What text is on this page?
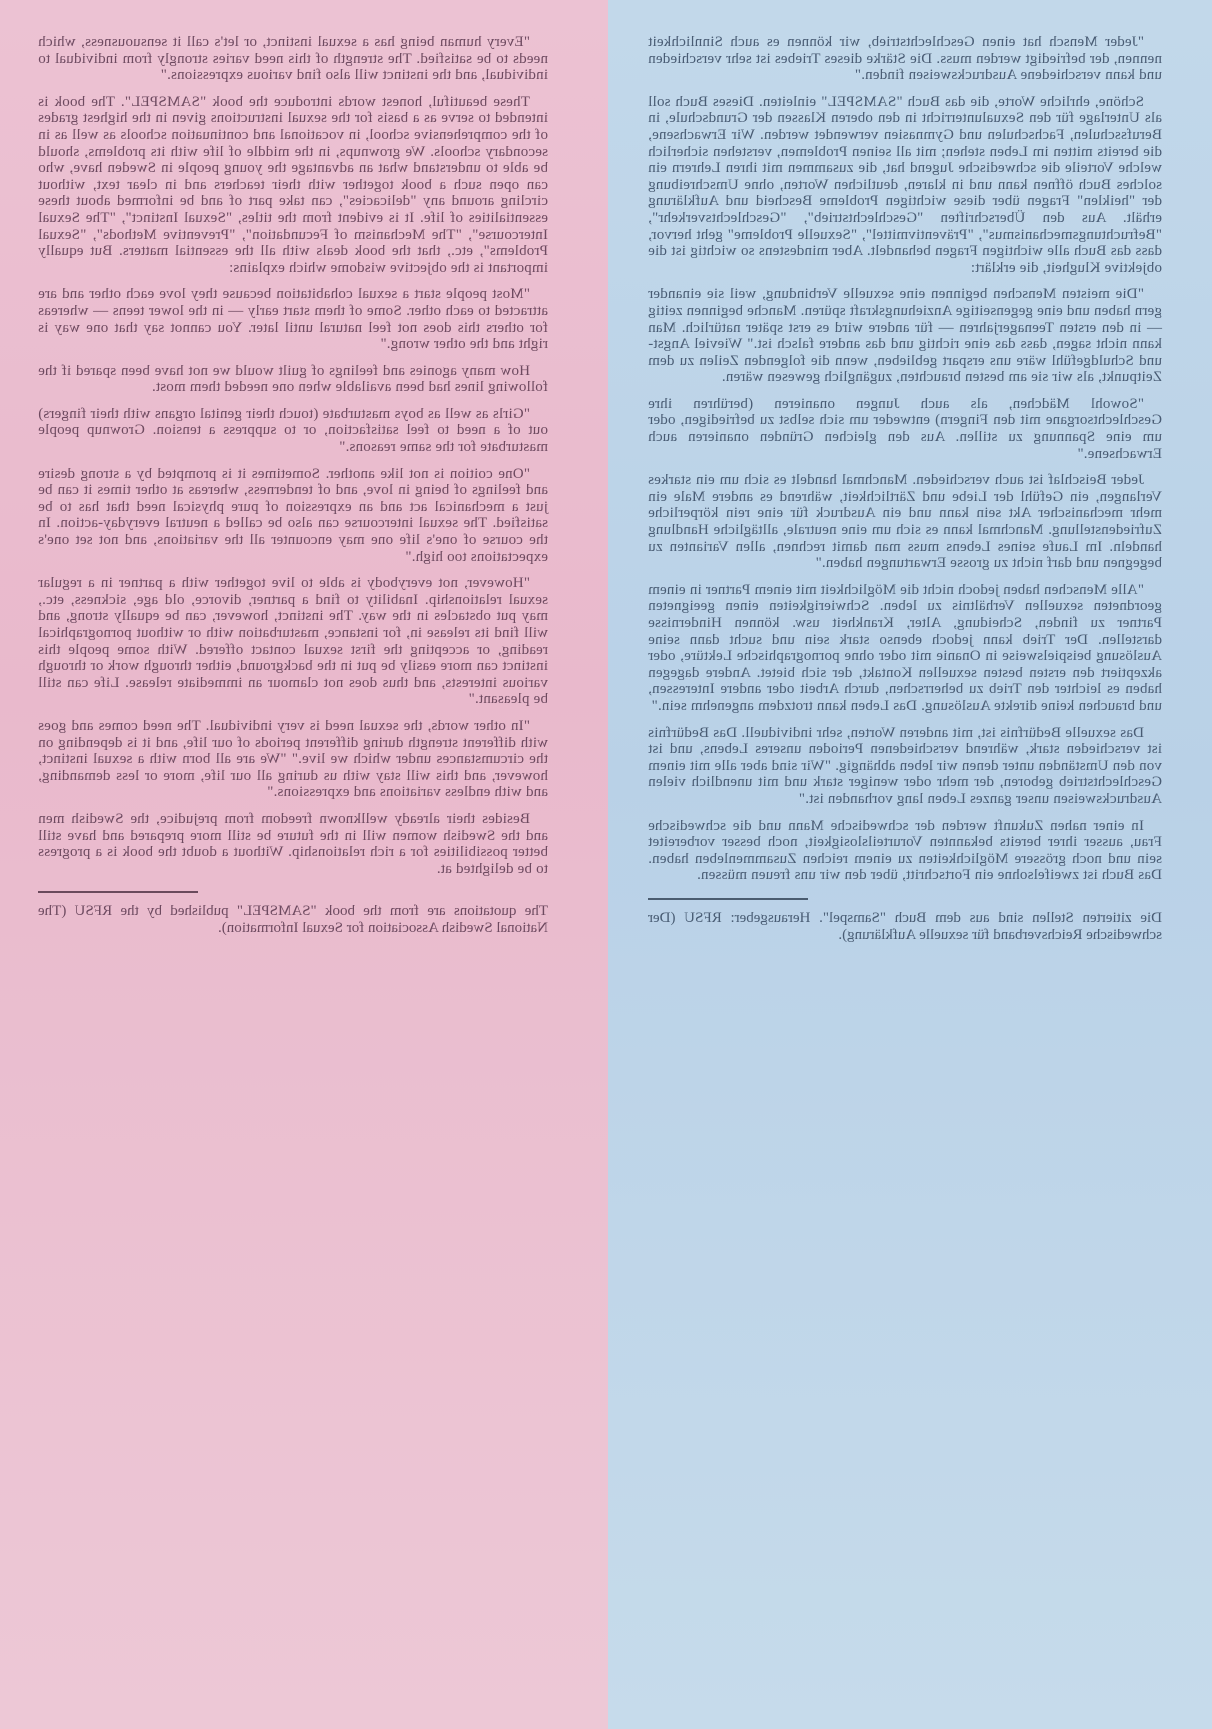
"Every human being has a sexual instinct, or let's call it sensuousness, which needs to be satisfied. The strength of this need varies strongly from individual to individual, and the instinct will also find various expressions."

These beautiful, honest words introduce the book "SAMSPEL". The book is intended to serve as a basis for the sexual instructions given in the highest grades of the comprehensive school, in vocational and continuation schools as well as in secondary schools. We grownups, in the middle of life with its problems, should be able to understand what an advantage the young people in Sweden have, who can open such a book together with their teachers and in clear text, without circling around any "delicacies", can take part of and be informed about these essentialities of life. It is evident from the titles, "Sexual Instinct", "The Sexual Intercourse", "The Mechanism of Fecundation", "Preventive Methods", "Sexual Problems", etc., that the book deals with all the essential matters. But equally important is the objective wisdome which explains:

"Most people start a sexual cohabitation because they love each other and are attracted to each other. Some of them start early — in the lower teens — whereas for others this does not feel natural until later. You cannot say that one way is right and the other wrong."

How many agonies and feelings of guilt would we not have been spared if the following lines had been available when one needed them most.

"Girls as well as boys masturbate (touch their genital organs with their fingers) out of a need to feel satisfaction, or to suppress a tension. Grownup people masturbate for the same reasons."

"One coition is not like another. Sometimes it is prompted by a strong desire and feelings of being in love, and of tenderness, whereas at other times it can be just a mechanical act and an expression of pure physical need that has to be satisfied. The sexual intercourse can also be called a neutral everyday-action. In the course of one's life one may encounter all the variations, and not set one's expectations too high."

"However, not everybody is able to live together with a partner in a regular sexual relationship. Inability to find a partner, divorce, old age, sickness, etc., may put obstacles in the way. The instinct, however, can be equally strong, and will find its release in, for instance, masturbation with or without pornographical reading, or accepting the first sexual contact offered. With some people this instinct can more easily be put in the background, either through work or through various interests, and thus does not clamour an immediate release. Life can still be pleasant."

"In other words, the sexual need is very individual. The need comes and goes with different strength during different periods of our life, and it is depending on the circumstances under which we live." "We are all born with a sexual instinct, however, and this will stay with us during all our life, more or less demanding, and with endless variations and expressions."

Besides their already wellknown freedom from prejudice, the Swedish men and the Swedish women will in the future be still more prepared and have still better possibilities for a rich relationship. Without a doubt the book is a progress to be delighted at.

The quotations are from the book "SAMSPEL" published by the RFSU (The National Swedish Association for Sexual Information).

"Jeder Mensch hat einen Geschlechtstrieb, wir können es auch Sinnlichkeit nennen, der befriedigt werden muss. Die Stärke dieses Triebes ist sehr verschieden und kann verschiedene Ausdrucksweisen finden."

Schöne, ehrliche Worte, die das Buch "SAMSPEL" einleiten. Dieses Buch soll als Unterlage für den Sexualunterricht in den oberen Klassen der Grundschule, in Berufsschulen, Fachschulen und Gymnasien verwendet werden. Wir Erwachsene, die bereits mitten im Leben stehen; mit all seinen Problemen, verstehen sicherlich welche Vorteile die schwedische Jugend hat, die zusammen mit ihren Lehrern ein solches Buch öffnen kann und in klaren, deutlichen Worten, ohne Umschreibung der "heiklen" Fragen über diese wichtigen Probleme Bescheid und Aufklärung erhält. Aus den Überschriften "Geschlechtstrieb", "Geschlechtsverkehr", "Befruchtungsmechanismus", "Präventivmittel", "Sexuelle Probleme" geht hervor, dass das Buch alle wichtigen Fragen behandelt. Aber mindestens so wichtig ist die objektive Klugheit, die erklärt:

"Die meisten Menschen beginnen eine sexuelle Verbindung, weil sie einander gern haben und eine gegenseitige Anziehungskraft spüren. Manche beginnen zeitig — in den ersten Teenagerjahren — für andere wird es erst später natürlich. Man kann nicht sagen, dass das eine richtig und das andere falsch ist." Wieviel Angst- und Schuldgefühl wäre uns erspart geblieben, wenn die folgenden Zeilen zu dem Zeitpunkt, als wir sie am besten brauchten, zugänglich gewesen wären.

"Sowohl Mädchen, als auch Jungen onanieren (berühren ihre Geschlechtsorgane mit den Fingern) entweder um sich selbst zu befriedigen, oder um eine Spannung zu stillen. Aus den gleichen Gründen onanieren auch Erwachsene."

Jeder Beischlaf ist auch verschieden. Manchmal handelt es sich um ein starkes Verlangen, ein Gefühl der Liebe und Zärtlichkeit, während es andere Male ein mehr mechanischer Akt sein kann und ein Ausdruck für eine rein körperliche Zufriedenstellung. Manchmal kann es sich um eine neutrale, alltägliche Handlung handeln. Im Laufe seines Lebens muss man damit rechnen, allen Varianten zu begegnen und darf nicht zu grosse Erwartungen haben."

"Alle Menschen haben jedoch nicht die Möglichkeit mit einem Partner in einem geordneten sexuellen Verhältnis zu leben. Schwierigkeiten einen geeigneten Partner zu finden, Scheidung, Alter, Krankheit usw. können Hindernisse darstellen. Der Trieb kann jedoch ebenso stark sein und sucht dann seine Auslösung beispielsweise in Onanie mit oder ohne pornographische Lektüre, oder akzeptiert den ersten besten sexuellen Kontakt, der sich bietet. Andere dagegen haben es leichter den Trieb zu beherrschen, durch Arbeit oder andere Interessen, und brauchen keine direkte Auslösung. Das Leben kann trotzdem angenehm sein."

Das sexuelle Bedürfnis ist, mit anderen Worten, sehr individuell. Das Bedürfnis ist verschieden stark, während verschiedenen Perioden unseres Lebens, und ist von den Umständen unter denen wir leben abhängig. "Wir sind aber alle mit einem Geschlechtstrieb geboren, der mehr oder weniger stark und mit unendlich vielen Ausdrucksweisen unser ganzes Leben lang vorhanden ist."

In einer nahen Zukunft werden der schwedische Mann und die schwedische Frau, ausser ihrer bereits bekannten Vorurteilslosigkeit, noch besser vorbereitet sein und noch grössere Möglichkeiten zu einem reichen Zusammenleben haben. Das Buch ist zweifelsohne ein Fortschritt, über den wir uns freuen müssen.

Die zitierten Stellen sind aus dem Buch "Samspel". Herausgeber: RFSU (Der schwedische Reichsverband für sexuelle Aufklärung).
